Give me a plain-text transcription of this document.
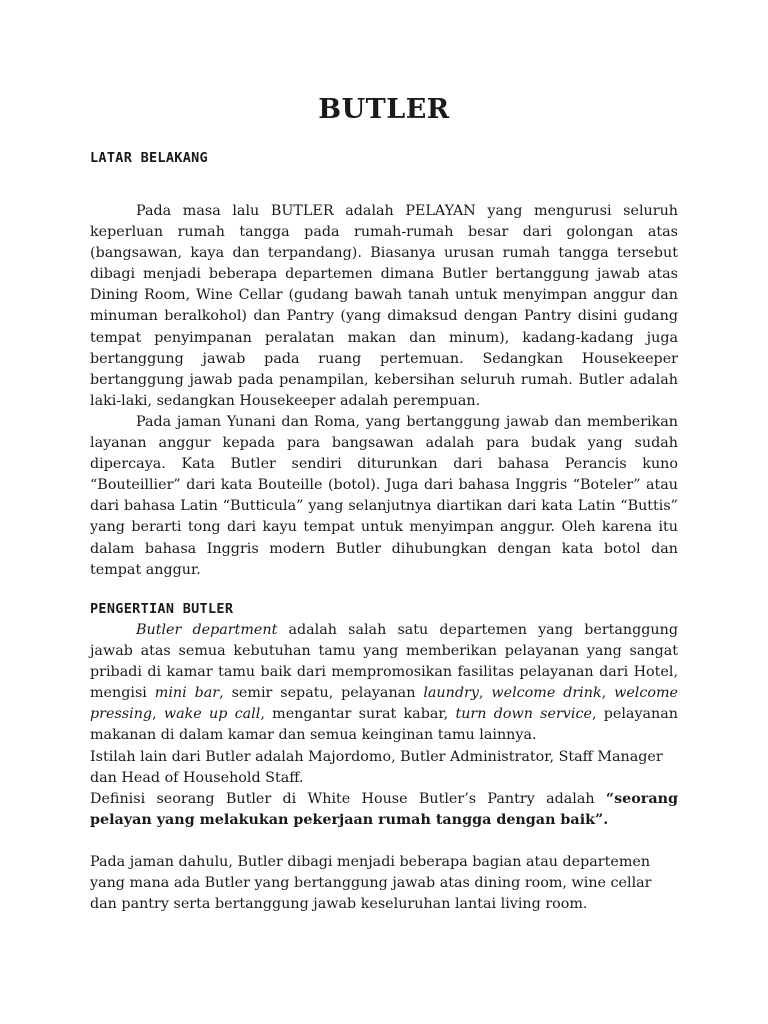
BUTLER
LATAR BELAKANG

Pada masa lalu BUTLER adalah PELAYAN yang mengurusi seluruh keperluan rumah tangga pada rumah-rumah besar dari golongan atas (bangsawan, kaya dan terpandang). Biasanya urusan rumah tangga tersebut dibagi menjadi beberapa departemen dimana Butler bertanggung jawab atas Dining Room, Wine Cellar (gudang bawah tanah untuk menyimpan anggur dan minuman beralkohol) dan Pantry (yang dimaksud dengan Pantry disini gudang tempat penyimpanan peralatan makan dan minum), kadang-kadang juga bertanggung jawab pada ruang pertemuan. Sedangkan Housekeeper bertanggung jawab pada penampilan, kebersihan seluruh rumah. Butler adalah laki-laki, sedangkan Housekeeper adalah perempuan.

Pada jaman Yunani dan Roma, yang bertanggung jawab dan memberikan layanan anggur kepada para bangsawan adalah para budak yang sudah dipercaya. Kata Butler sendiri diturunkan dari bahasa Perancis kuno “Bouteillier” dari kata Bouteille (botol). Juga dari bahasa Inggris “Boteler” atau dari bahasa Latin “Butticula” yang selanjutnya diartikan dari kata Latin “Buttis” yang berarti tong dari kayu tempat untuk menyimpan anggur. Oleh karena itu dalam bahasa Inggris modern Butler dihubungkan dengan kata botol dan tempat anggur.

PENGERTIAN BUTLER

Butler department adalah salah satu departemen yang bertanggung jawab atas semua kebutuhan tamu yang memberikan pelayanan yang sangat pribadi di kamar tamu baik dari mempromosikan fasilitas pelayanan dari Hotel, mengisi mini bar, semir sepatu, pelayanan laundry, welcome drink, welcome pressing, wake up call, mengantar surat kabar, turn down service, pelayanan makanan di dalam kamar dan semua keinginan tamu lainnya.

Istilah lain dari Butler adalah Majordomo, Butler Administrator, Staff Manager dan Head of Household Staff.

Definisi seorang Butler di White House Butler’s Pantry adalah “seorang pelayan yang melakukan pekerjaan rumah tangga dengan baik”.

Pada jaman dahulu, Butler dibagi menjadi beberapa bagian atau departemen yang mana ada Butler yang bertanggung jawab atas dining room, wine cellar dan pantry serta bertanggung jawab keseluruhan lantai living room.
